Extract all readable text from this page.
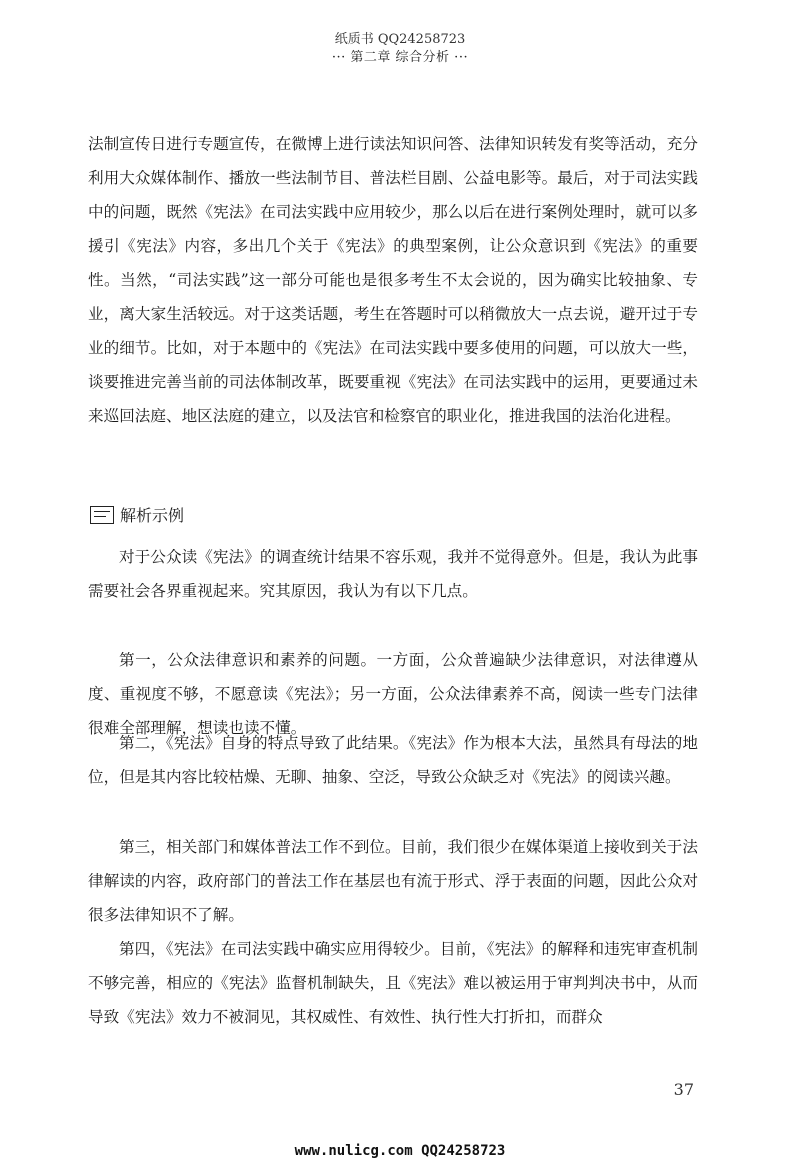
纸质书 QQ24258723
··· 第二章 综合分析 ···

法制宣传日进行专题宣传，在微博上进行读法知识问答、法律知识转发有奖等活动，充分利用大众媒体制作、播放一些法制节目、普法栏目剧、公益电影等。最后，对于司法实践中的问题，既然《宪法》在司法实践中应用较少，那么以后在进行案例处理时，就可以多援引《宪法》内容，多出几个关于《宪法》的典型案例，让公众意识到《宪法》的重要性。当然，“司法实践”这一部分可能也是很多考生不太会说的，因为确实比较抽象、专业，离大家生活较远。对于这类话题，考生在答题时可以稍微放大一点去说，避开过于专业的细节。比如，对于本题中的《宪法》在司法实践中要多使用的问题，可以放大一些，谈要推进完善当前的司法体制改革，既要重视《宪法》在司法实践中的运用，更要通过未来巡回法庭、地区法庭的建立，以及法官和检察官的职业化，推进我国的法治化进程。

解析示例

对于公众读《宪法》的调查统计结果不容乐观，我并不觉得意外。但是，我认为此事需要社会各界重视起来。究其原因，我认为有以下几点。

第一，公众法律意识和素养的问题。一方面，公众普遍缺少法律意识，对法律遵从度、重视度不够，不愿意读《宪法》；另一方面，公众法律素养不高，阅读一些专门法律很难全部理解，想读也读不懂。

第二，《宪法》自身的特点导致了此结果。《宪法》作为根本大法，虽然具有母法的地位，但是其内容比较枯燥、无聊、抽象、空泛，导致公众缺乏对《宪法》的阅读兴趣。

第三，相关部门和媒体普法工作不到位。目前，我们很少在媒体渠道上接收到关于法律解读的内容，政府部门的普法工作在基层也有流于形式、浮于表面的问题，因此公众对很多法律知识不了解。

第四，《宪法》在司法实践中确实应用得较少。目前，《宪法》的解释和违宪审查机制不够完善，相应的《宪法》监督机制缺失，且《宪法》难以被运用于审判判决书中，从而导致《宪法》效力不被洞见，其权威性、有效性、执行性大打折扣，而群众

37
www.nulicg.com QQ24258723
